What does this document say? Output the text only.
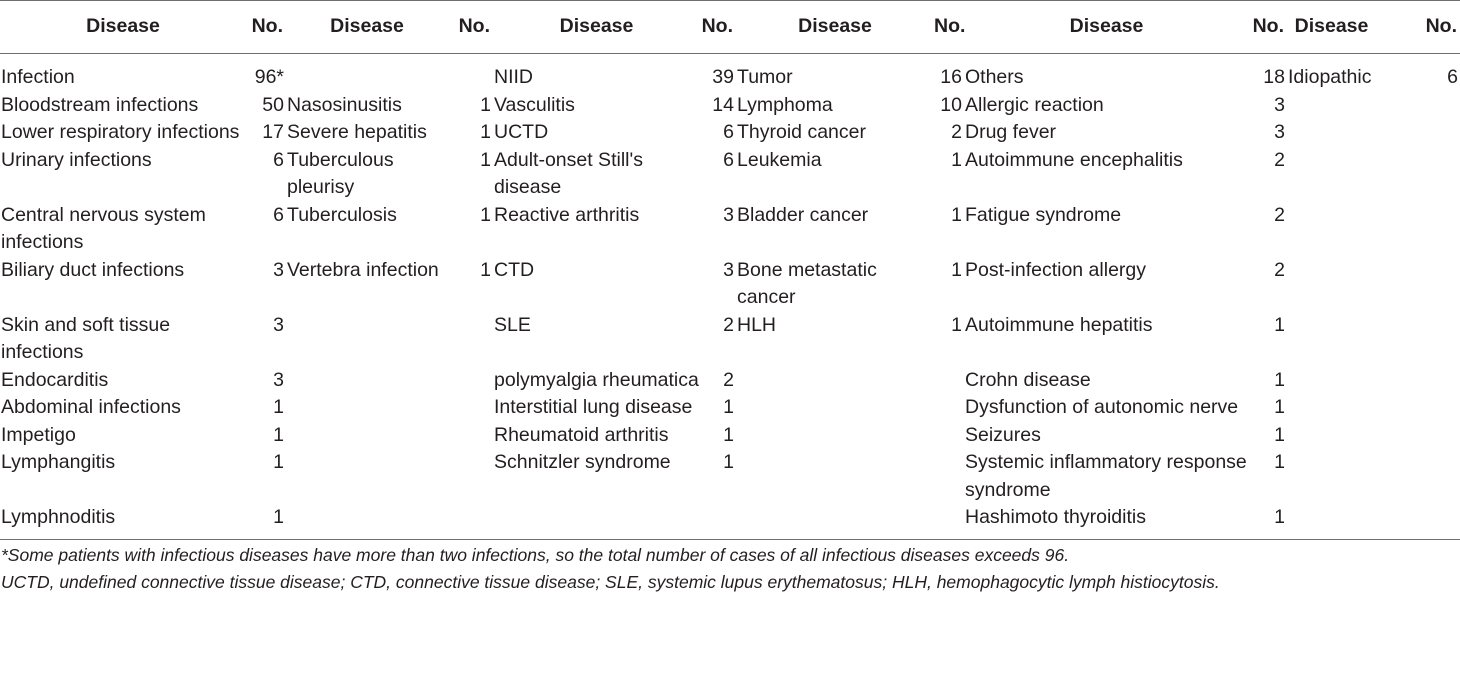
Disease	No.	Disease	No.	Disease	No.	Disease	No.	Disease	No.	Disease	No.
Infection	96*			NIID	39	Tumor	16	Others	18	Idiopathic	6
Bloodstream infections	50	Nasosinusitis	1	Vasculitis	14	Lymphoma	10	Allergic reaction	3		
Lower respiratory infections	17	Severe hepatitis	1	UCTD	6	Thyroid cancer	2	Drug fever	3		
Urinary infections	6	Tuberculous pleurisy	1	Adult-onset Still's disease	6	Leukemia	1	Autoimmune encephalitis	2		
Central nervous system infections	6	Tuberculosis	1	Reactive arthritis	3	Bladder cancer	1	Fatigue syndrome	2		
Biliary duct infections	3	Vertebra infection	1	CTD	3	Bone metastatic cancer	1	Post-infection allergy	2		
Skin and soft tissue infections	3			SLE	2	HLH	1	Autoimmune hepatitis	1		
Endocarditis	3			polymyalgia rheumatica	2			Crohn disease	1		
Abdominal infections	1			Interstitial lung disease	1			Dysfunction of autonomic nerve	1		
Impetigo	1			Rheumatoid arthritis	1			Seizures	1		
Lymphangitis	1			Schnitzler syndrome	1			Systemic inflammatory response syndrome	1		
Lymphnoditis	1							Hashimoto thyroiditis	1		

*Some patients with infectious diseases have more than two infections, so the total number of cases of all infectious diseases exceeds 96.

UCTD, undefined connective tissue disease; CTD, connective tissue disease; SLE, systemic lupus erythematosus; HLH, hemophagocytic lymph histiocytosis.
